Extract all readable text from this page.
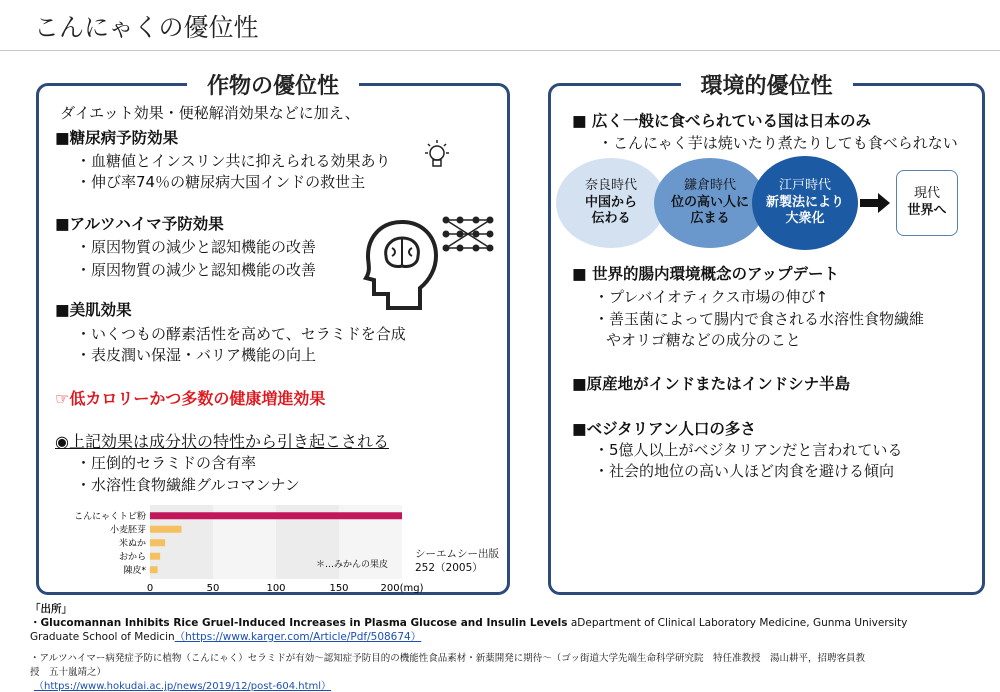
こんにゃくの優位性
作物の優位性
ダイエット効果・便秘解消効果などに加え、
■糖尿病予防効果
・血糖値とインスリン共に抑えられる効果あり
・伸び率74％の糖尿病大国インドの救世主
■アルツハイマ予防効果
・原因物質の減少と認知機能の改善
・原因物質の減少と認知機能の改善
■美肌効果
・いくつもの酵素活性を高めて、セラミドを合成
・表皮潤い保湿・バリア機能の向上
☞低カロリーかつ多数の健康増進効果
◉上記効果は成分状の特性から引き起こされる
・圧倒的セラミドの含有率
・水溶性食物繊維グルコマンナン
こんにゃくトビ粉
小麦胚芽
米ぬか
おから
陳皮*
0	50	100	150	200(mg)
＊…みかんの果皮
シーエムシー出版
252（2005）
環境的優位性
■ 広く一般に食べられている国は日本のみ
・こんにゃく芋は焼いたり煮たりしても食べられない
奈良時代
中国から
伝わる
鎌倉時代
位の高い人に
広まる
江戸時代
新製法により
大衆化
現代
世界へ
■ 世界的腸内環境概念のアップデート
・プレバイオティクス市場の伸び↑
・善玉菌によって腸内で食される水溶性食物繊維
やオリゴ糖などの成分のこと
■原産地がインドまたはインドシナ半島
■ベジタリアン人口の多さ
・5億人以上がベジタリアンだと言われている
・社会的地位の高い人ほど肉食を避ける傾向
「出所」
・Glucomannan Inhibits Rice Gruel-Induced Increases in Plasma Glucose and Insulin Levels aDepartment of Clinical Laboratory Medicine, Gunma University
Graduate School of Medicin（https://www.karger.com/Article/Pdf/508674）
・アルツハイマー病発症予防に植物（こんにゃく）セラミドが有効～認知症予防目的の機能性食品素材・新薬開発に期待～（ゴッ街道大学先端生命科学研究院　特任准教授　湯山耕平，招聘客員教
授　五十嵐靖之）
（https://www.hokudai.ac.jp/news/2019/12/post-604.html）
